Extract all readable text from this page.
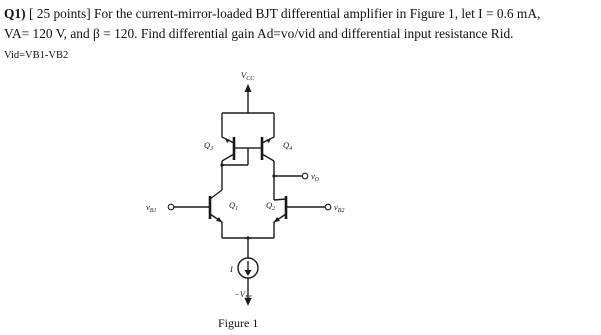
Q1) [ 25 points] For the current-mirror-loaded BJT differential amplifier in Figure 1, let I = 0.6 mA,
VA= 120 V, and β = 120. Find differential gain Ad=vo/vid and differential input resistance Rid.
Vid=VB1-VB2
$V_{CC}$
$Q_3$	$Q_4$
$v_O$
$v_{B1}$
$Q_1$	$v_{B2}$
$Q_2$
I
$-V_{EE}$
Figure 1
